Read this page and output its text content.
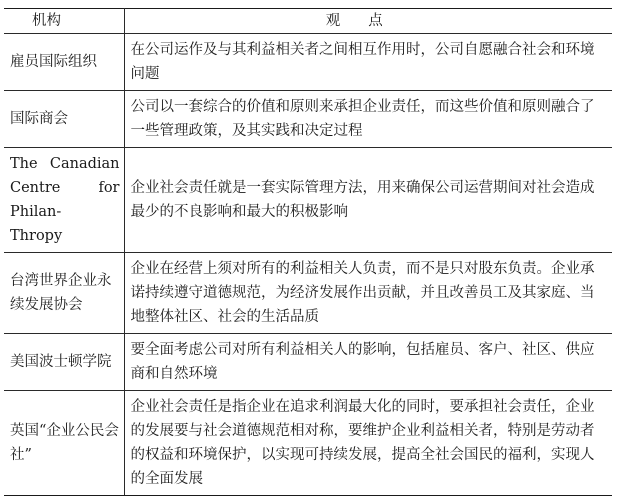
机构	观点

雇员国际组织	在公司运作及与其利益相关者之间相互作用时，公司自愿融合社会和环境问题

国际商会	公司以一套综合的价值和原则来承担企业责任，而这些价值和原则融合了一些管理政策，及其实践和决定过程

The Canadian
Centre for Philan-
Thropy	企业社会责任就是一套实际管理方法，用来确保公司运营期间对社会造成最少的不良影响和最大的积极影响

台湾世界企业永续发展协会	企业在经营上须对所有的利益相关人负责，而不是只对股东负责。企业承诺持续遵守道德规范，为经济发展作出贡献，并且改善员工及其家庭、当地整体社区、社会的生活品质

美国波士顿学院	要全面考虑公司对所有利益相关人的影响，包括雇员、客户、社区、供应商和自然环境

英国“企业公民会社”	企业社会责任是指企业在追求利润最大化的同时，要承担社会责任，企业的发展要与社会道德规范相对称，要维护企业利益相关者，特别是劳动者的权益和环境保护，以实现可持续发展，提高全社会国民的福利，实现人的全面发展
